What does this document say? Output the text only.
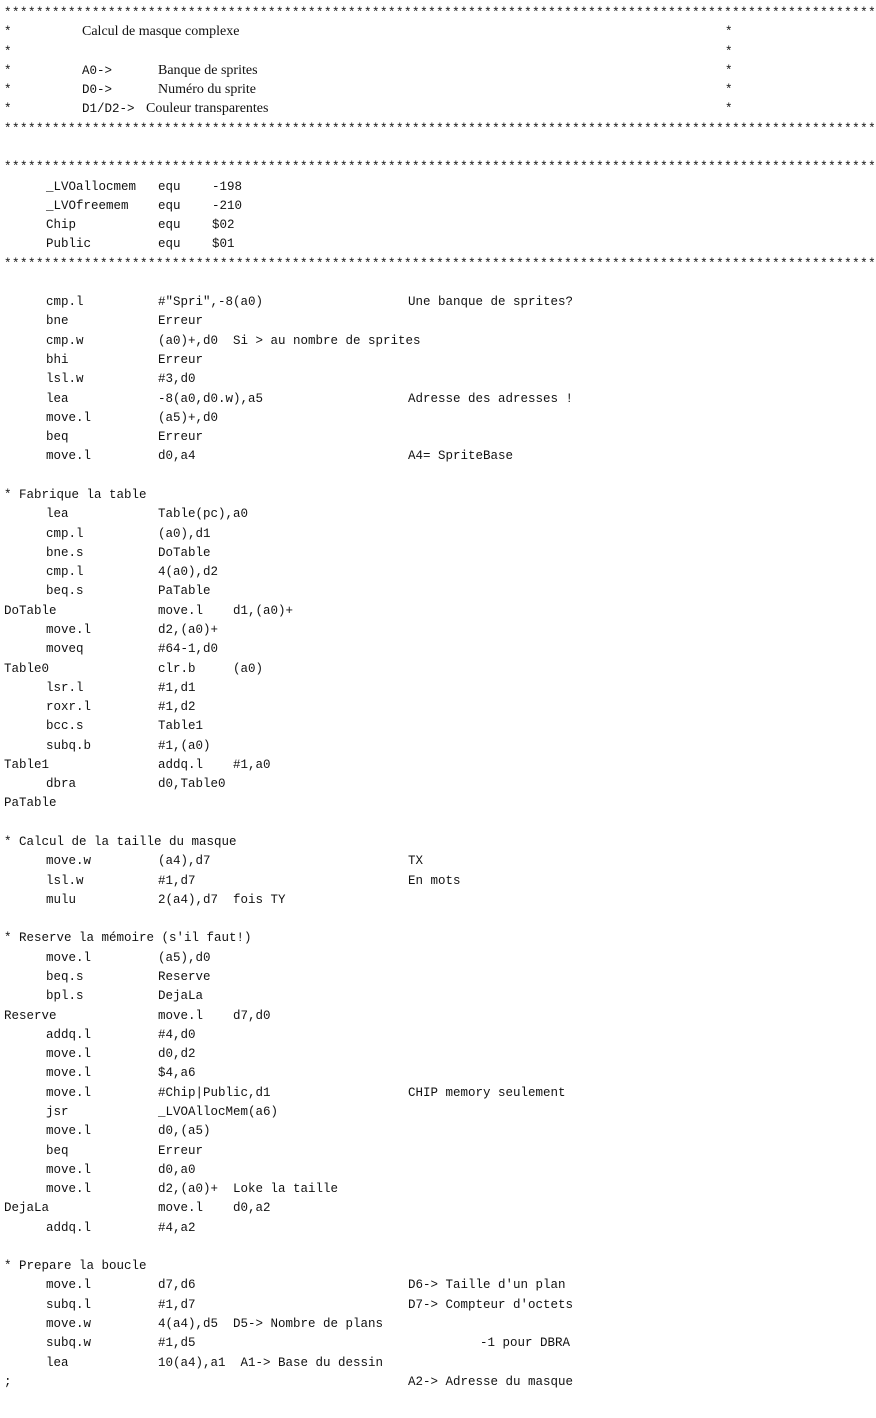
*************************************************************************************************************
*	Calcul de masque complexe	*
*	*
*	A0->	Banque de sprites	*
*	D0->	Numéro du sprite	*
*	D1/D2-> Couleur transparentes	*
*************************************************************************************************************
*************************************************************************************************************
_LVOallocmem equ	-198
_LVOfreemem equ	-210
Chip	equ	$02
Public	equ	$01
*************************************************************************************************************
cmp.l	#"Spri",-8(a0)	Une banque de sprites?
bne	Erreur
cmp.w	(a0)+,d0  Si > au nombre de sprites
bhi	Erreur
lsl.w	#3,d0
lea	-8(a0,d0.w),a5	Adresse des adresses !
move.l	(a5)+,d0
beq	Erreur
move.l	d0,a4	A4= SpriteBase
* Fabrique la table
lea	Table(pc),a0
cmp.l	(a0),d1
bne.s	DoTable
cmp.l	4(a0),d2
beq.s	PaTable
DoTable	move.l    d1,(a0)+
move.l	d2,(a0)+
moveq	#64-1,d0
Table0	clr.b     (a0)
lsr.l	#1,d1
roxr.l	#1,d2
bcc.s	Table1
subq.b	#1,(a0)
Table1	addq.l    #1,a0
dbra	d0,Table0
PaTable
* Calcul de la taille du masque
move.w	(a4),d7	TX
lsl.w	#1,d7	En mots
mulu	2(a4),d7  fois TY
* Reserve la mémoire (s'il faut!)
move.l	(a5),d0
beq.s	Reserve
bpl.s	DejaLa
Reserve	move.l    d7,d0
addq.l	#4,d0
move.l	d0,d2
move.l	$4,a6
move.l	#Chip|Public,d1	CHIP memory seulement
jsr	_LVOAllocMem(a6)
move.l	d0,(a5)
beq	Erreur
move.l	d0,a0
move.l	d2,(a0)+  Loke la taille
DejaLa	move.l    d0,a2
addq.l	#4,a2
* Prepare la boucle
move.l	d7,d6	D6-> Taille d'un plan
subq.l	#1,d7	D7-> Compteur d'octets
move.w	4(a4),d5  D5-> Nombre de plans
subq.w	#1,d5	-1 pour DBRA
lea	10(a4),a1  A1-> Base du dessin
;	A2-> Adresse du masque
